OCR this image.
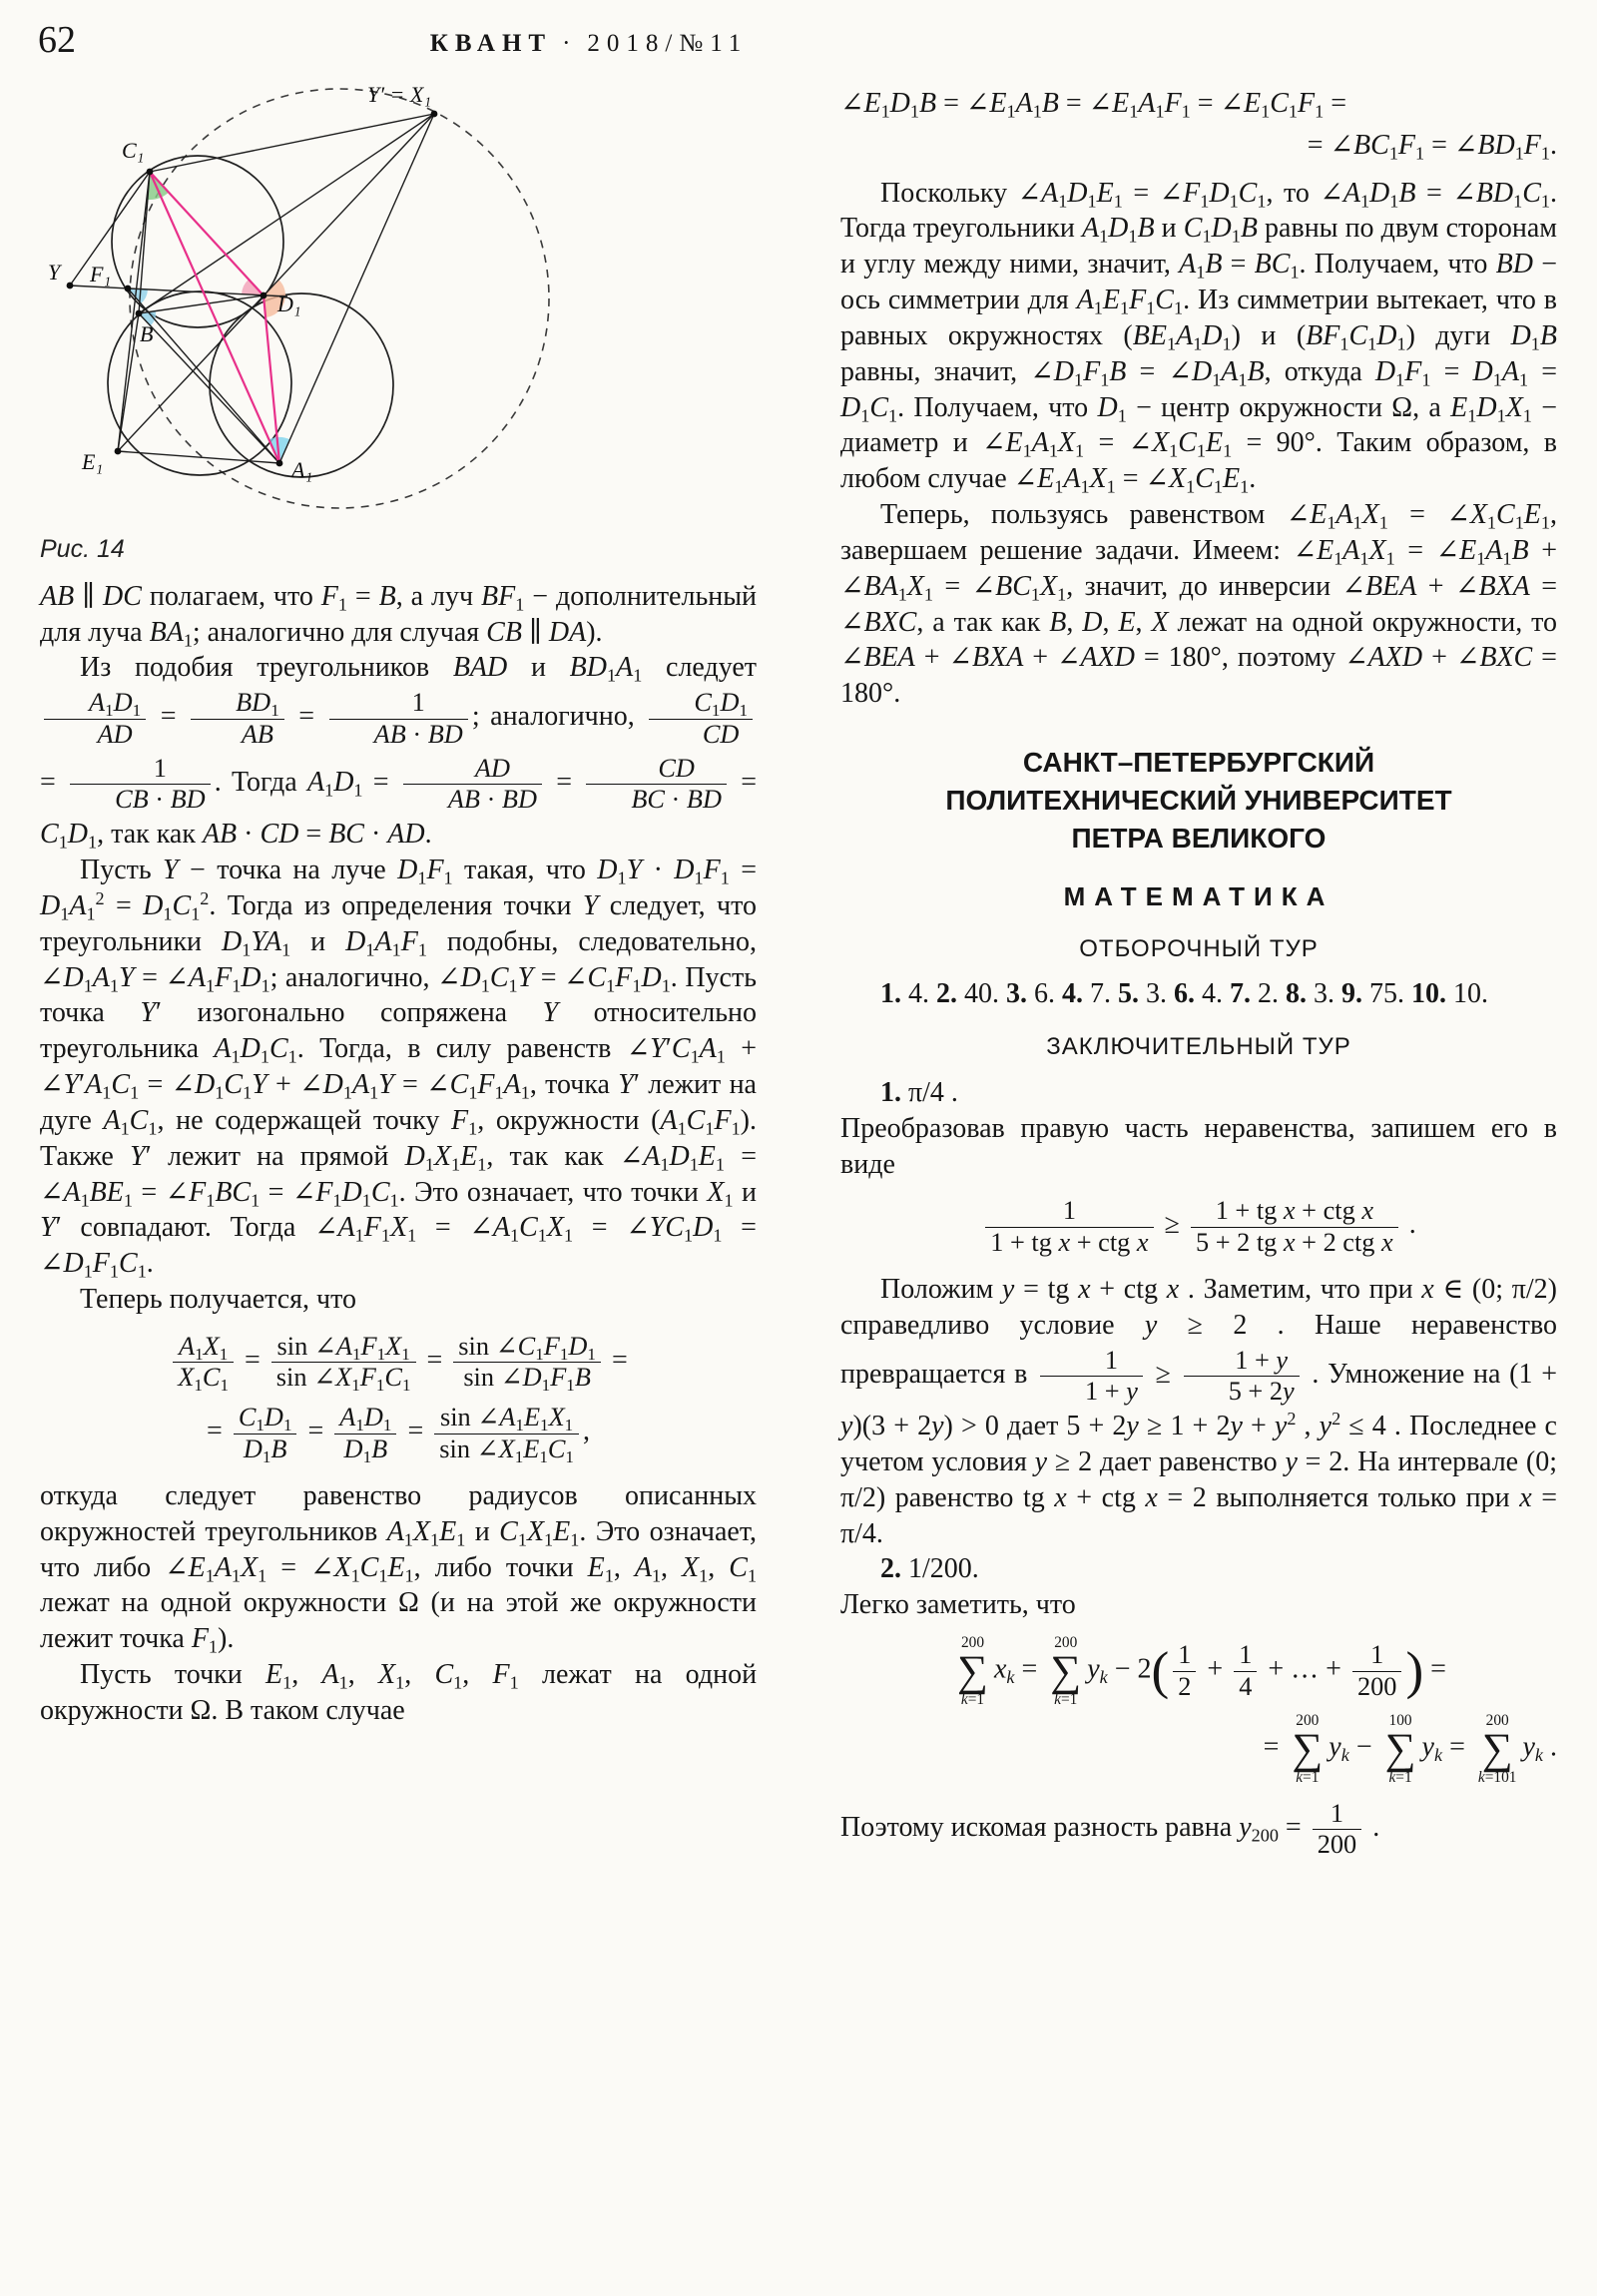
62	КВАНТ · 2018/№11
Y′ = X₁
C₁
Y F₁
B
D₁
E₁	A₁
Рис. 14

AB ∥ DC полагаем, что $F_1 = B$, а луч $BF_1$ − дополнительный для луча $BA_1$; аналогично для случая CB ∥ DA).

Из подобия треугольников BAD и $BD_1A_1$ следует
$\frac{A_1D_1}{AD} = \frac{BD_1}{AB} = \frac{1}{AB \cdot BD}$ ; аналогично, $\frac{C_1D_1}{CD}$
= $\frac{1}{CB \cdot BD}$ . Тогда $A_1D_1 = \frac{AD}{AB \cdot BD} = \frac{CD}{BC \cdot BD} = C_1D_1$, так как AB · CD = BC · AD.

Пусть Y − точка на луче $D_1F_1$ такая, что $D_1Y \cdot D_1F_1 = D_1A_1^2 = D_1C_1^2$. Тогда из определения точки Y следует, что треугольники $D_1YA_1$ и $D_1A_1F_1$ подобны, следовательно, $\angle D_1A_1Y$ = $\angle A_1F_1D_1$; аналогично, $\angle D_1C_1Y$ = $\angle C_1F_1D_1$. Пусть точка Y′ изогонально сопряжена Y относительно треугольника $A_1D_1C_1$. Тогда, в силу равенств $\angle Y'C_1A_1$ + $\angle Y'A_1C_1$ = $\angle D_1C_1Y$ + $\angle D_1A_1Y$ = $\angle C_1F_1A_1$, точка Y′ лежит на дуге $A_1C_1$, не содержащей точку $F_1$, окружности $(A_1C_1F_1)$. Также Y′ лежит на прямой $D_1X_1E_1$, так как $\angle A_1D_1E_1$ = $\angle A_1BE_1$ = $\angle F_1BC_1$ = $\angle F_1D_1C_1$. Это означает, что точки $X_1$ и Y′ совпадают. Тогда $\angle A_1F_1X_1$ = $\angle A_1C_1X_1$ = $\angle YC_1D_1$ = $\angle D_1F_1C_1$.

Теперь получается, что

$\frac{A_1X_1}{X_1C_1} = \frac{\sin \angle A_1F_1X_1}{\sin \angle X_1F_1C_1} = \frac{\sin \angle C_1F_1D_1}{\sin \angle D_1F_1B}$ =
= $\frac{C_1D_1}{D_1B} = \frac{A_1D_1}{D_1B} = \frac{\sin \angle A_1E_1X_1}{\sin \angle X_1E_1C_1}$ ,

откуда следует равенство радиусов описанных окружностей треугольников $A_1X_1E_1$ и $C_1X_1E_1$. Это означает, что либо $\angle E_1A_1X_1$ = $\angle X_1C_1E_1$, либо точки $E_1$, $A_1$, $X_1$, $C_1$ лежат на одной окружности Ω (и на этой же окружности лежит точка $F_1$).

Пусть точки $E_1$, $A_1$, $X_1$, $C_1$, $F_1$ лежат на одной окружности Ω. В таком случае

$\angle E_1D_1B$ = $\angle E_1A_1B$ = $\angle E_1A_1F_1$ = $\angle E_1C_1F_1$ =
= $\angle BC_1F_1$ = $\angle BD_1F_1$.

Поскольку $\angle A_1D_1E_1$ = $\angle F_1D_1C_1$, то $\angle A_1D_1B$ = $\angle BD_1C_1$. Тогда треугольники $A_1D_1B$ и $C_1D_1B$ равны по двум сторонам и углу между ними, значит, $A_1B = BC_1$. Получаем, что BD − ось симметрии для $A_1E_1F_1C_1$. Из симметрии вытекает, что в равных окружностях $(BE_1A_1D_1)$ и $(BF_1C_1D_1)$ дуги $D_1B$ равны, значит, $\angle D_1F_1B$ = $\angle D_1A_1B$, откуда $D_1F_1 = D_1A_1 = D_1C_1$. Получаем, что $D_1$ − центр окружности Ω, а $E_1D_1X_1$ − диаметр и $\angle E_1A_1X_1$ = $\angle X_1C_1E_1 = 90^\circ$. Таким образом, в любом случае $\angle E_1A_1X_1$ = $\angle X_1C_1E_1$.

Теперь, пользуясь равенством $\angle E_1A_1X_1$ = $\angle X_1C_1E_1$, завершаем решение задачи. Имеем: $\angle E_1A_1X_1$ = $\angle E_1A_1B$ + $\angle BA_1X_1$ = $\angle BC_1X_1$, значит, до инверсии ∠BEA + ∠BXA = ∠BXC, а так как B, D, E, X лежат на одной окружности, то ∠BEA + ∠BXA + ∠AXD = 180°, поэтому ∠AXD + ∠BXC = 180°.

САНКТ–ПЕТЕРБУРГСКИЙ
ПОЛИТЕХНИЧЕСКИЙ УНИВЕРСИТЕТ
ПЕТРА ВЕЛИКОГО
МАТЕМАТИКА
ОТБОРОЧНЫЙ ТУР

1. 4. 2. 40. 3. 6. 4. 7. 5. 3. 6. 4. 7. 2. 8. 3. 9. 75. 10. 10.

ЗАКЛЮЧИТЕЛЬНЫЙ ТУР

1. π/4 .

Преобразовав правую часть неравенства, запишем его в виде

1
1 + tg x + ctg x
≥	1 + tg x + ctg x
5 + 2 tg x + 2 ctg x
.

Положим y = tg x + ctg x . Заметим, что при x ∈ (0; π/2) справедливо условие y ≥ 2 . Наше неравенство превращается в $\frac{1}{1 + y} \ge \frac{1 + y}{5 + 2y}$ . Умножение на (1 + y)(3 + 2y) > 0 дает $5 + 2y \ge 1 + 2y + y^2$ , $y^2 \le 4$ . Последнее с учетом условия y ≥ 2 дает равенство y = 2. На интервале (0; π/2) равенство tg x + ctg x = 2 выполняется только при x = π/4.

2. 1/200.

Легко заметить, что

200
∑
k=1
$x_k$ =
200
∑
k=1
$y_k - 2( \frac{1}{2} + \frac{1}{4}$ + … + $\frac{1}{200}$ ) =
=
200
∑
k=1
$y_k$ −
100
∑
k=1
$y_k$ =
200
∑
k=101
$y_k$ .

Поэтому искомая разность равна $y_{200} = \frac{1}{200}$ .
